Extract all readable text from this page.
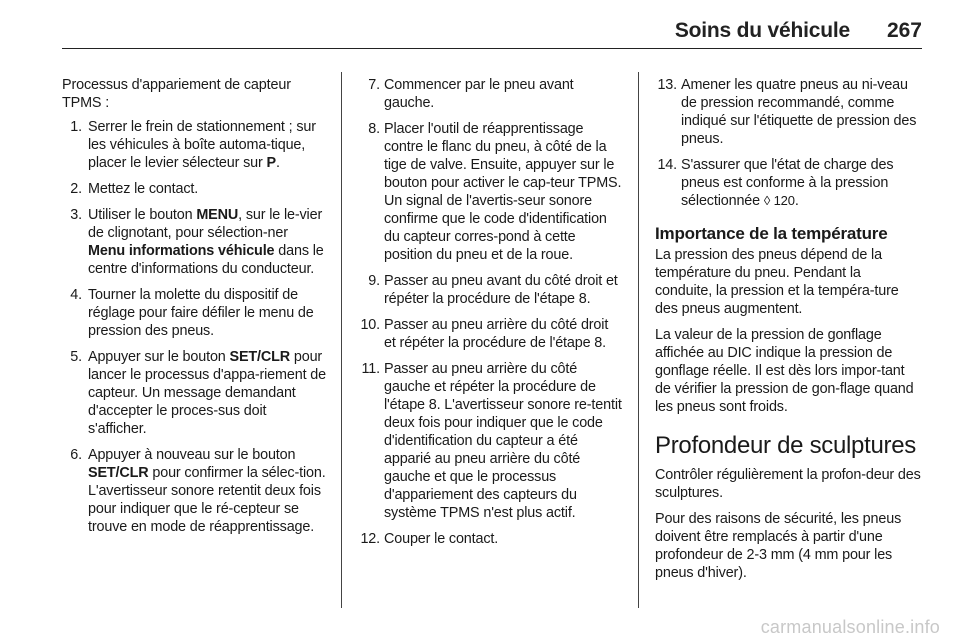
Soins du véhicule 267

Processus d'appariement de capteur TPMS :

1. Serrer le frein de stationnement ; sur les véhicules à boîte automa-tique, placer le levier sélecteur sur P.
2. Mettez le contact.
3. Utiliser le bouton MENU, sur le le-vier de clignotant, pour sélection-ner Menu informations véhicule dans le centre d'informations du conducteur.
4. Tourner la molette du dispositif de réglage pour faire défiler le menu de pression des pneus.
5. Appuyer sur le bouton SET/CLR pour lancer le processus d'appa-riement de capteur. Un message demandant d'accepter le proces-sus doit s'afficher.
6. Appuyer à nouveau sur le bouton SET/CLR pour confirmer la sélec-tion. L'avertisseur sonore retentit deux fois pour indiquer que le ré-cepteur se trouve en mode de réapprentissage.
7. Commencer par le pneu avant gauche.
8. Placer l'outil de réapprentissage contre le flanc du pneu, à côté de la tige de valve. Ensuite, appuyer sur le bouton pour activer le cap-teur TPMS. Un signal de l'avertis-seur sonore confirme que le code d'identification du capteur corres-pond à cette position du pneu et de la roue.
9. Passer au pneu avant du côté droit et répéter la procédure de l'étape 8.
10. Passer au pneu arrière du côté droit et répéter la procédure de l'étape 8.
11. Passer au pneu arrière du côté gauche et répéter la procédure de l'étape 8. L'avertisseur sonore re-tentit deux fois pour indiquer que le code d'identification du capteur a été apparié au pneu arrière du côté gauche et que le processus d'appariement des capteurs du système TPMS n'est plus actif.
12. Couper le contact.
13. Amener les quatre pneus au ni-veau de pression recommandé, comme indiqué sur l'étiquette de pression des pneus.
14. S'assurer que l'état de charge des pneus est conforme à la pression sélectionnée ◊ 120.
Importance de la température

La pression des pneus dépend de la température du pneu. Pendant la conduite, la pression et la tempéra-ture des pneus augmentent.

La valeur de la pression de gonflage affichée au DIC indique la pression de gonflage réelle. Il est dès lors impor-tant de vérifier la pression de gon-flage quand les pneus sont froids.

Profondeur de sculptures

Contrôler régulièrement la profon-deur des sculptures.

Pour des raisons de sécurité, les pneus doivent être remplacés à partir d'une profondeur de 2-3 mm (4 mm pour les pneus d'hiver).

carmanualsonline.info
